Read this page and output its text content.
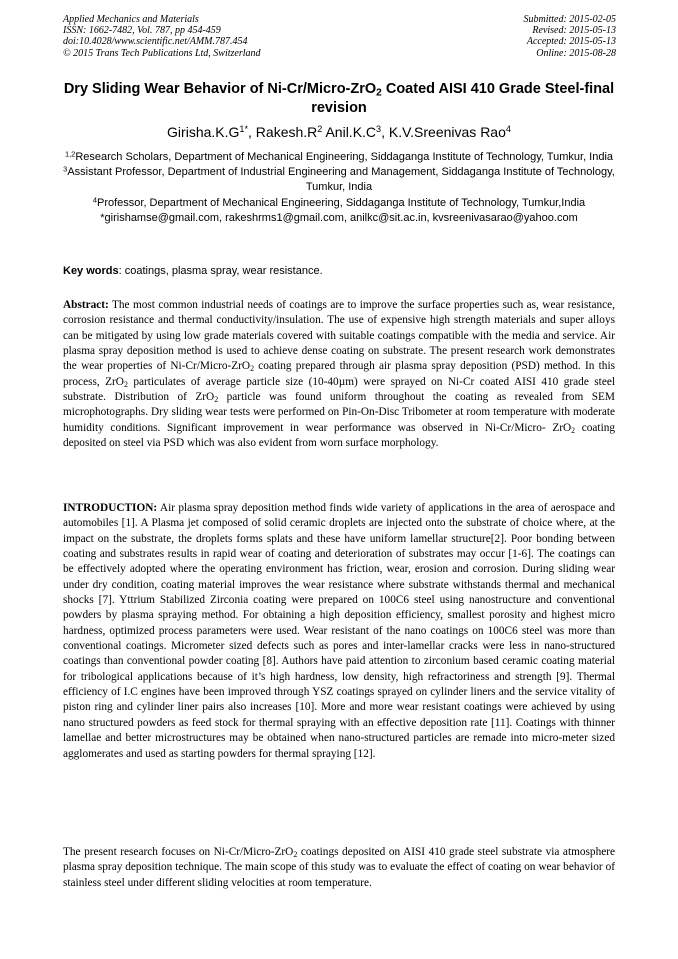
Applied Mechanics and Materials
ISSN: 1662-7482, Vol. 787, pp 454-459
doi:10.4028/www.scientific.net/AMM.787.454
© 2015 Trans Tech Publications Ltd, Switzerland
Submitted: 2015-02-05
Revised: 2015-05-13
Accepted: 2015-05-13
Online: 2015-08-28
Dry Sliding Wear Behavior of Ni-Cr/Micro-ZrO$_2$ Coated AISI 410 Grade Steel-final revision
$Girisha.K.G^{1*}$, $Rakesh.R^2$ $Anil.K.C^3$, K.V.Sreenivas Rao$^4$

$^{1,2}$Research Scholars, Department of Mechanical Engineering, Siddaganga Institute of Technology, Tumkur, India

$^3$Assistant Professor, Department of Industrial Engineering and Management, Siddaganga Institute of Technology, Tumkur, India

$^4$Professor, Department of Mechanical Engineering, Siddaganga Institute of Technology, Tumkur,India

*girishamse@gmail.com, rakeshrms1@gmail.com, anilkc@sit.ac.in, kvsreenivasarao@yahoo.com

Key words: coatings, plasma spray, wear resistance.

Abstract: The most common industrial needs of coatings are to improve the surface properties such as, wear resistance, corrosion resistance and thermal conductivity/insulation. The use of expensive high strength materials and super alloys can be mitigated by using low grade materials covered with suitable coatings compatible with the media and service. Air plasma spray deposition method is used to achieve dense coating on substrate. The present research work demonstrates the wear properties of Ni-Cr/Micro-ZrO$_2$ coating prepared through air plasma spray deposition (PSD) method. In this process, ZrO$_2$ particulates of average particle size (10-40µm) were sprayed on Ni-Cr coated AISI 410 grade steel substrate. Distribution of ZrO$_2$ particle was found uniform throughout the coating as revealed from SEM microphotographs. Dry sliding wear tests were performed on Pin-On-Disc Tribometer at room temperature with moderate humidity conditions. Significant improvement in wear performance was observed in Ni-Cr/Micro- ZrO$_2$ coating deposited on steel via PSD which was also evident from worn surface morphology.

INTRODUCTION: Air plasma spray deposition method finds wide variety of applications in the area of aerospace and automobiles [1]. A Plasma jet composed of solid ceramic droplets are injected onto the substrate of choice where, at the impact on the substrate, the droplets forms splats and these have uniform lamellar structure[2]. Poor bonding between coating and substrates results in rapid wear of coating and deterioration of substrates may occur [1-6]. The coatings can be effectively adopted where the operating environment has friction, wear, erosion and corrosion. During sliding wear under dry condition, coating material improves the wear resistance where substrate withstands thermal and mechanical shocks [7]. Yttrium Stabilized Zirconia coating were prepared on 100C6 steel using nanostructure and conventional powders by plasma spraying method. For obtaining a high deposition efficiency, smallest porosity and highest micro hardness, optimized process parameters were used. Wear resistant of the nano coatings on 100C6 steel was more than conventional coatings. Micrometer sized defects such as pores and inter-lamellar cracks were less in nano-structured coatings than conventional powder coating [8]. Authors have paid attention to zirconium based ceramic coating material for tribological applications because of it’s high hardness, low density, high refractoriness and strength [9]. Thermal efficiency of I.C engines have been improved through YSZ coatings sprayed on cylinder liners and the service vitality of piston ring and cylinder liner pairs also increases [10]. More and more wear resistant coatings were achieved by using nano structured powders as feed stock for thermal spraying with an effective deposition rate [11]. Coatings with thinner lamellae and better microstructures may be obtained when nano-structured particles are remade into micro-meter sized agglomerates and used as starting powders for thermal spraying [12].

The present research focuses on Ni-Cr/Micro-ZrO$_2$ coatings deposited on AISI 410 grade steel substrate via atmosphere plasma spray deposition technique. The main scope of this study was to evaluate the effect of coating on wear behavior of stainless steel under different sliding velocities at room temperature.
